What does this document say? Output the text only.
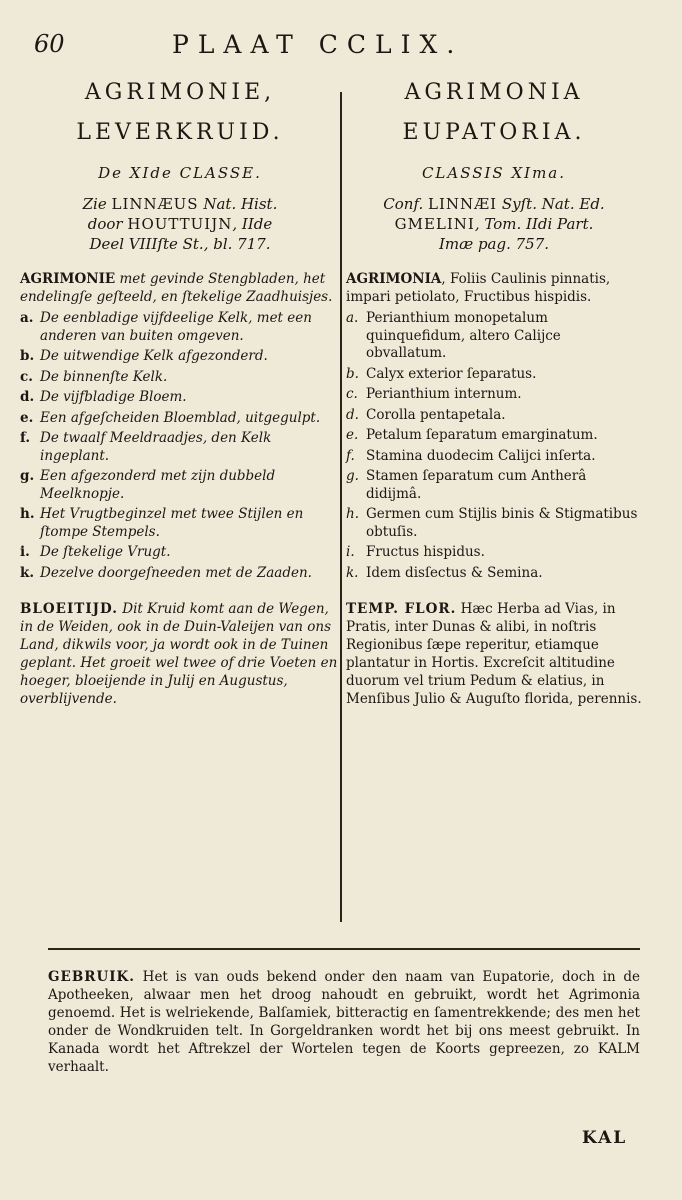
60	PLAAT CCLIX.

AGRIMONIE,

LEVERKRUID.

De XIde CLASSE.
Zie LINNÆUS Nat. Hist.
door HOUTTUIJN, IIde
Deel VIIIſte St., bl. 717.
AGRIMONIE met gevinde Stengbladen, het endelingſe geſteeld, en ſtekelige Zaadhuisjes.
a. De eenbladige vijfdeelige Kelk, met een anderen van buiten omgeven.
b. De uitwendige Kelk afgezonderd.
c. De binnenſte Kelk.
d. De vijfbladige Bloem.
e. Een afgeſcheiden Bloemblad, uitgegulpt.
f. De twaalf Meeldraadjes, den Kelk ingeplant.
g. Een afgezonderd met zijn dubbeld Meelknopje.
h. Het Vrugtbeginzel met twee Stijlen en ſtompe Stempels.
i. De ſtekelige Vrugt.
k. Dezelve doorgeſneeden met de Zaaden.
BLOEITIJD. Dit Kruid komt aan de Wegen, in de Weiden, ook in de Duin-Valeijen van ons Land, dikwils voor, ja wordt ook in de Tuinen geplant. Het groeit wel twee of drie Voeten en hoeger, bloeijende in Julij en Augustus, overblijvende.

AGRIMONIA

EUPATORIA.

CLASSIS XIma.
Conf. LINNÆI Syſt. Nat. Ed.
GMELINI, Tom. IIdi Part.
Imæ pag. 757.
AGRIMONIA, Foliis Caulinis pinnatis, impari petiolato, Fructibus hispidis.
a. Perianthium monopetalum quinquefidum, altero Calijce obvallatum.
b. Calyx exterior ſeparatus.
c. Perianthium internum.
d. Corolla pentapetala.
e. Petalum ſeparatum emarginatum.
f. Stamina duodecim Calijci inſerta.
g. Stamen ſeparatum cum Antherâ didijmâ.
h. Germen cum Stijlis binis & Stigmatibus obtuſis.
i. Fructus hispidus.
k. Idem disſectus & Semina.
TEMP. FLOR. Hæc Herba ad Vias, in Pratis, inter Dunas & alibi, in noſtris Regionibus ſæpe reperitur, etiamque plantatur in Hortis. Excreſcit altitudine duorum vel trium Pedum & elatius, in Menſibus Julio & Auguſto florida, perennis.
GEBRUIK. Het is van ouds bekend onder den naam van Eupatorie, doch in de Apotheeken, alwaar men het droog nahoudt en gebruikt, wordt het Agrimonia genoemd. Het is welriekende, Balſamiek, bitteractig en ſamentrekkende; des men het onder de Wondkruiden telt. In Gorgeldranken wordt het bij ons meest gebruikt. In Kanada wordt het Aftrekzel der Wortelen tegen de Koorts gepreezen, zo KALM verhaalt.
KAL
